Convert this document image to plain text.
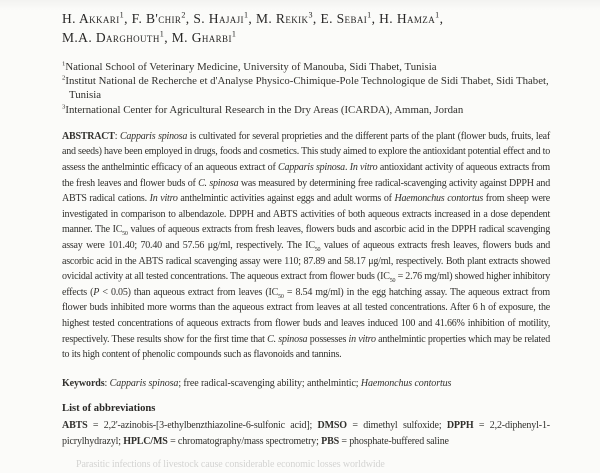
H. Akkari$^1$, F. B'chir$^2$, S. Hajaji$^1$, M. Rekik$^3$, E. Sebai$^1$, H. Hamza$^1$,
M.A. Darghouth$^1$, M. Gharbi$^1$
$^1$National School of Veterinary Medicine, University of Manouba, Sidi Thabet, Tunisia
$^2$Institut National de Recherche et d'Analyse Physico-Chimique-Pole Technologique de Sidi Thabet, Sidi Thabet, Tunisia
$^3$International Center for Agricultural Research in the Dry Areas (ICARDA), Amman, Jordan

ABSTRACT: Capparis spinosa is cultivated for several proprieties and the different parts of the plant (flower buds, fruits, leaf and seeds) have been employed in drugs, foods and cosmetics. This study aimed to explore the antioxidant potential effect and to assess the anthelmintic efficacy of an aqueous extract of Capparis spinosa. In vitro antioxidant activity of aqueous extracts from the fresh leaves and flower buds of C. spinosa was measured by determining free radical-scavenging activity against DPPH and ABTS radical cations. In vitro anthelmintic activities against eggs and adult worms of Haemonchus contortus from sheep were investigated in comparison to albendazole. DPPH and ABTS activities of both aqueous extracts increased in a dose dependent manner. The $IC_{50}$ values of aqueous extracts from fresh leaves, flowers buds and ascorbic acid in the DPPH radical scavenging assay were 101.40; 70.40 and 57.56 μg/ml, respectively. The $IC_{50}$ values of aqueous extracts fresh leaves, flowers buds and ascorbic acid in the ABTS radical scavenging assay were 110; 87.89 and 58.17 μg/ml, respectively. Both plant extracts showed ovicidal activity at all tested concentrations. The aqueous extract from flower buds ($IC_{50} = 2.76$ mg/ml) showed higher inhibitory effects (P < 0.05) than aqueous extract from leaves ($IC_{50} = 8.54$ mg/ml) in the egg hatching assay. The aqueous extract from flower buds inhibited more worms than the aqueous extract from leaves at all tested concentrations. After 6 h of exposure, the highest tested concentrations of aqueous extracts from flower buds and leaves induced 100 and 41.66% inhibition of motility, respectively. These results show for the first time that C. spinosa possesses in vitro anthelmintic properties which may be related to its high content of phenolic compounds such as flavonoids and tannins.

Keywords: Capparis spinosa; free radical-scavenging ability; anthelmintic; Haemonchus contortus

List of abbreviations

ABTS = 2,2'-azinobis-[3-ethylbenzthiazoline-6-sulfonic acid]; DMSO = dimethyl sulfoxide; DPPH = 2,2-diphenyl-1-picrylhydrazyl; HPLC/MS = chromatography/mass spectrometry; PBS = phosphate-buffered saline

Parasitic infections of livestock cause considerable economic losses worldwide
